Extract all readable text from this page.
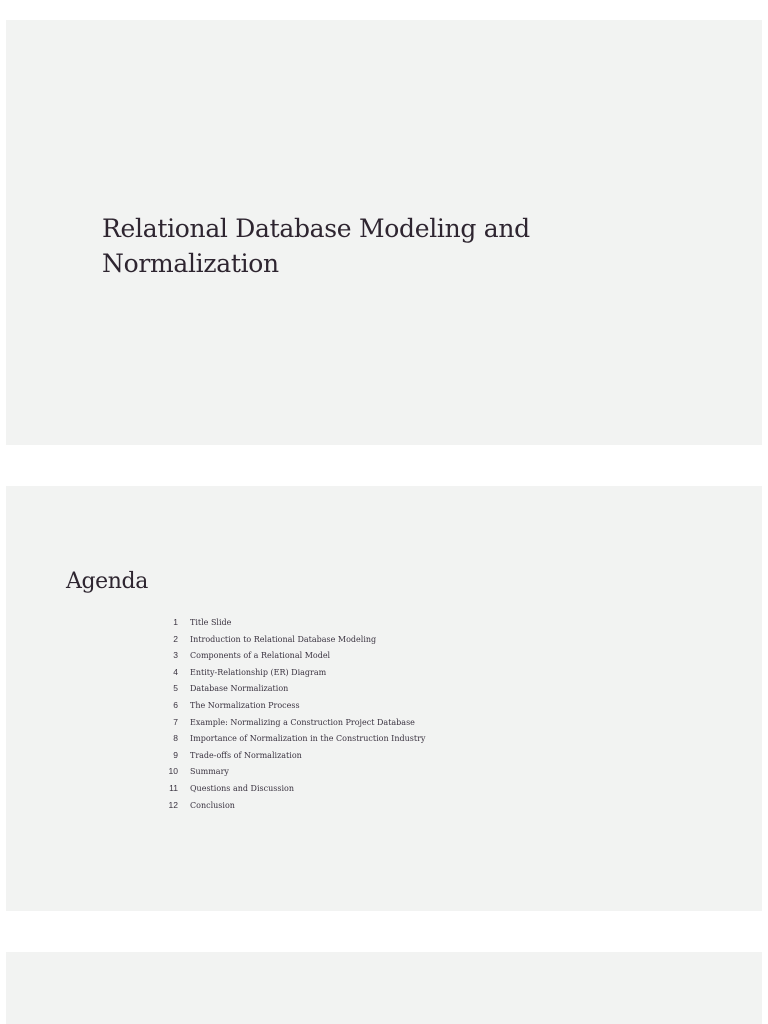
Relational Database Modeling and Normalization
Agenda
1 Title Slide
2 Introduction to Relational Database Modeling
3 Components of a Relational Model
4 Entity-Relationship (ER) Diagram
5 Database Normalization
6 The Normalization Process
7 Example: Normalizing a Construction Project Database
8 Importance of Normalization in the Construction Industry
9 Trade-offs of Normalization
10 Summary
11 Questions and Discussion
12 Conclusion
